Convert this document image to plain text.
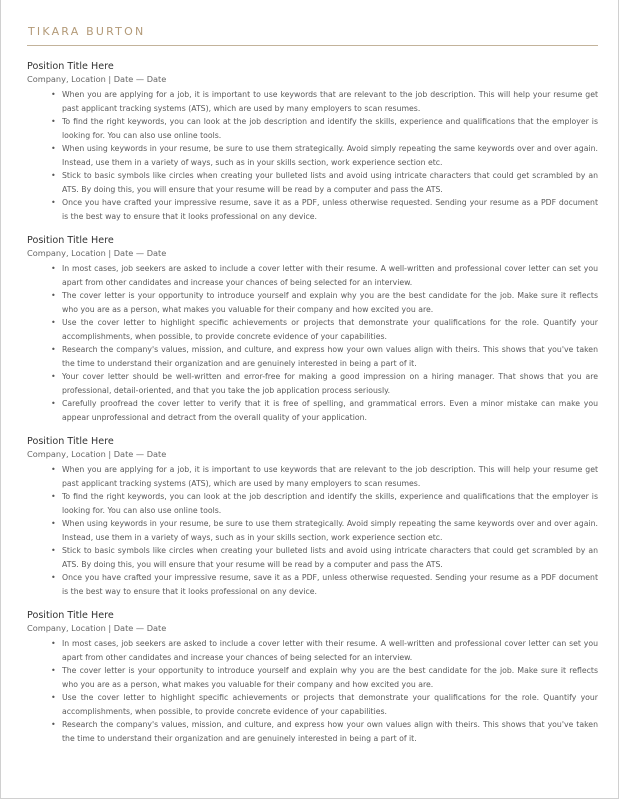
TIKARA BURTON
Position Title Here
Company, Location | Date — Date
• When you are applying for a job, it is important to use keywords that are relevant to the job description. This will help your resume get past applicant tracking systems (ATS), which are used by many employers to scan resumes.
• To find the right keywords, you can look at the job description and identify the skills, experience and qualifications that the employer is looking for. You can also use online tools.
• When using keywords in your resume, be sure to use them strategically. Avoid simply repeating the same keywords over and over again. Instead, use them in a variety of ways, such as in your skills section, work experience section etc.
• Stick to basic symbols like circles when creating your bulleted lists and avoid using intricate characters that could get scrambled by an ATS. By doing this, you will ensure that your resume will be read by a computer and pass the ATS.
• Once you have crafted your impressive resume, save it as a PDF, unless otherwise requested. Sending your resume as a PDF document is the best way to ensure that it looks professional on any device.
Position Title Here
Company, Location | Date — Date
• In most cases, job seekers are asked to include a cover letter with their resume. A well-written and professional cover letter can set you apart from other candidates and increase your chances of being selected for an interview.
• The cover letter is your opportunity to introduce yourself and explain why you are the best candidate for the job. Make sure it reflects who you are as a person, what makes you valuable for their company and how excited you are.
• Use the cover letter to highlight specific achievements or projects that demonstrate your qualifications for the role. Quantify your accomplishments, when possible, to provide concrete evidence of your capabilities.
• Research the company's values, mission, and culture, and express how your own values align with theirs. This shows that you've taken the time to understand their organization and are genuinely interested in being a part of it.
• Your cover letter should be well-written and error-free for making a good impression on a hiring manager. That shows that you are professional, detail-oriented, and that you take the job application process seriously.
• Carefully proofread the cover letter to verify that it is free of spelling, and grammatical errors. Even a minor mistake can make you appear unprofessional and detract from the overall quality of your application.
Position Title Here
Company, Location | Date — Date
• When you are applying for a job, it is important to use keywords that are relevant to the job description. This will help your resume get past applicant tracking systems (ATS), which are used by many employers to scan resumes.
• To find the right keywords, you can look at the job description and identify the skills, experience and qualifications that the employer is looking for. You can also use online tools.
• When using keywords in your resume, be sure to use them strategically. Avoid simply repeating the same keywords over and over again. Instead, use them in a variety of ways, such as in your skills section, work experience section etc.
• Stick to basic symbols like circles when creating your bulleted lists and avoid using intricate characters that could get scrambled by an ATS. By doing this, you will ensure that your resume will be read by a computer and pass the ATS.
• Once you have crafted your impressive resume, save it as a PDF, unless otherwise requested. Sending your resume as a PDF document is the best way to ensure that it looks professional on any device.
Position Title Here
Company, Location | Date — Date
• In most cases, job seekers are asked to include a cover letter with their resume. A well-written and professional cover letter can set you apart from other candidates and increase your chances of being selected for an interview.
• The cover letter is your opportunity to introduce yourself and explain why you are the best candidate for the job. Make sure it reflects who you are as a person, what makes you valuable for their company and how excited you are.
• Use the cover letter to highlight specific achievements or projects that demonstrate your qualifications for the role. Quantify your accomplishments, when possible, to provide concrete evidence of your capabilities.
• Research the company's values, mission, and culture, and express how your own values align with theirs. This shows that you've taken the time to understand their organization and are genuinely interested in being a part of it.
